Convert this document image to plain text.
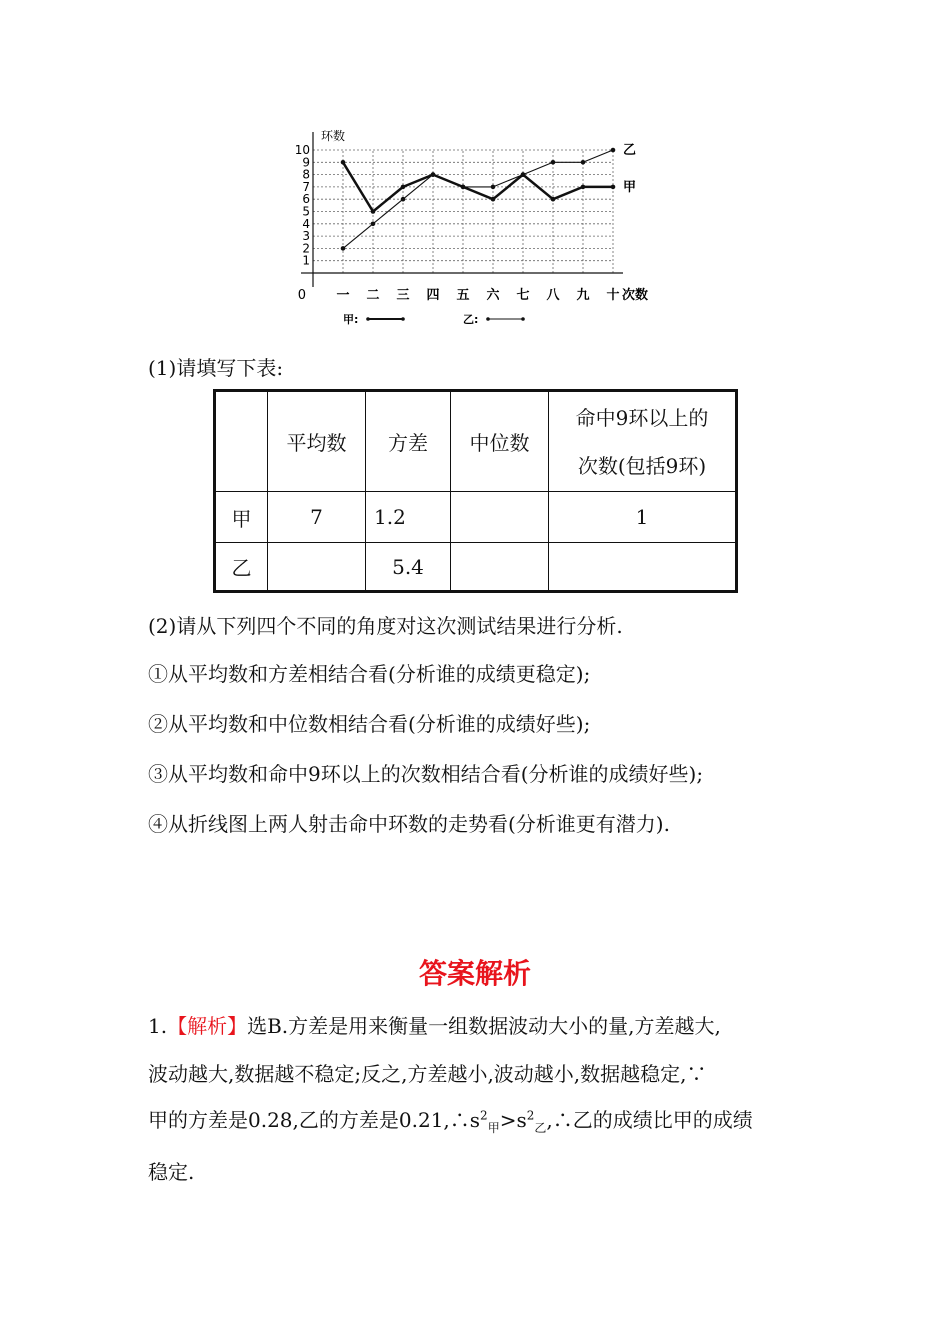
环数
0
1
2
3
4
5
6
7
8
9
10
一 二 三 四 五 六 七 八 九 十 次数
甲
乙
甲:	乙:
(1)请填写下表:
	平均数	方差	中位数	命中9环以上的
次数(包括9环)

甲	7	1.2		1
乙		5.4		
(2)请从下列四个不同的角度对这次测试结果进行分析.
①从平均数和方差相结合看(分析谁的成绩更稳定);
②从平均数和中位数相结合看(分析谁的成绩好些);
③从平均数和命中9环以上的次数相结合看(分析谁的成绩好些);
④从折线图上两人射击命中环数的走势看(分析谁更有潜力).
答案解析
1.【解析】选B.方差是用来衡量一组数据波动大小的量,方差越大,
波动越大,数据越不稳定;反之,方差越小,波动越小,数据越稳定,∵
甲的方差是0.28,乙的方差是$0.21,\therefore s^2_甲>s^2_乙,\therefore$乙的成绩比甲的成绩
稳定.
